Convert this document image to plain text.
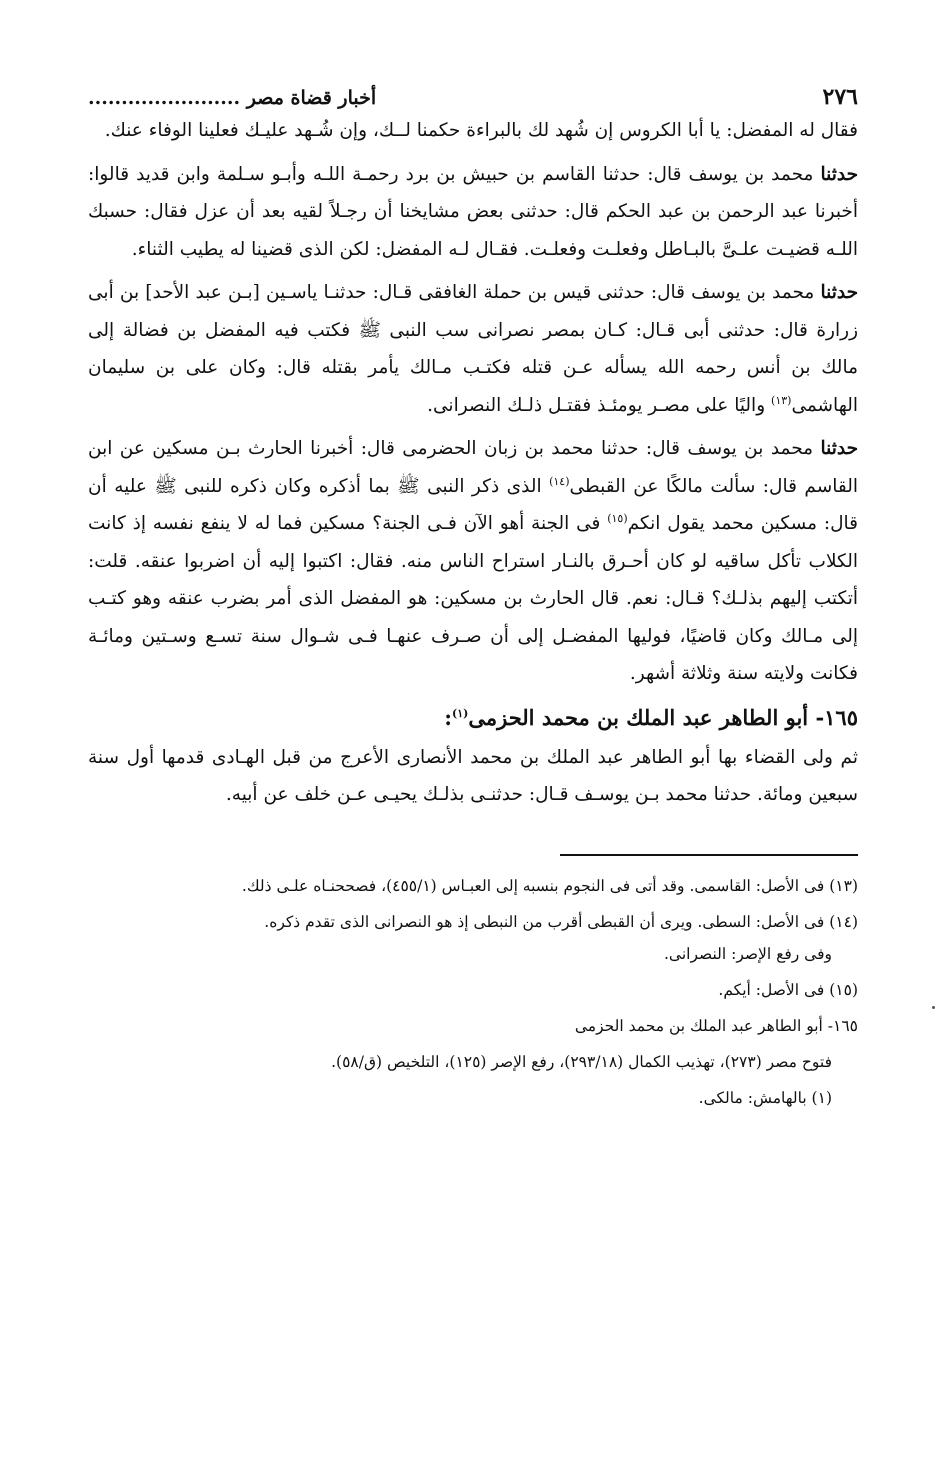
٢٧٦
أخبار قضاة مصر .......................

فقال له المفضل: يا أبا الكروس إن شُهد لك بالبراءة حكمنا لــك، وإن شُـهد عليـك فعلينا الوفاء عنك.

حدثنا محمد بن يوسف قال: حدثنا القاسم بن حبيش بن برد رحمـة اللـه وأبـو سـلمة وابن قديد قالوا: أخبرنا عبد الرحمن بن عبد الحكم قال: حدثنى بعض مشايخنا أن رجـلاً لقيه بعد أن عزل فقال: حسبك اللـه قضيـت علـىَّ بالبـاطل وفعلـت وفعلـت. فقـال لـه المفضل: لكن الذى قضينا له يطيب الثناء.

حدثنا محمد بن يوسف قال: حدثنى قيس بن حملة الغافقى قـال: حدثنـا ياسـين [بـن عبد الأحد] بن أبى زرارة قال: حدثنى أبى قـال: كـان بمصر نصرانى سب النبى ﷺ فكتب فيه المفضل بن فضالة إلى مالك بن أنس رحمه الله يسأله عـن قتله فكتـب مـالك يأمر بقتله قال: وكان على بن سليمان الهاشمى$^{(١٣)}$ واليًا على مصـر يومئـذ فقتـل ذلـك النصرانى.

حدثنا محمد بن يوسف قال: حدثنا محمد بن زبان الحضرمى قال: أخبرنا الحارث بـن مسكين عن ابن القاسم قال: سألت مالكًا عن القبطى$^{(١٤)}$ الذى ذكر النبى ﷺ بما أذكره وكان ذكره للنبى ﷺ عليه أن قال: مسكين محمد يقول انكم$^{(١٥)}$ فى الجنة أهو الآن فـى الجنة؟ مسكين فما له لا ينفع نفسه إذ كانت الكلاب تأكل ساقيه لو كان أحـرق بالنـار استراح الناس منه. فقال: اكتبوا إليه أن اضربوا عنقه. قلت: أتكتب إليهم بذلـك؟ قـال: نعم. قال الحارث بن مسكين: هو المفضل الذى أمر بضرب عنقه وهو كتـب إلى مـالك وكان قاضيًا، فوليها المفضـل إلى أن صـرف عنهـا فـى شـوال سنة تسـع وسـتين ومائـة فكانت ولايته سنة وثلاثة أشهر.

١٦٥- أبو الطاهر عبد الملك بن محمد الحزمى$^{(١)}$:

ثم ولى القضاء بها أبو الطاهر عبد الملك بن محمد الأنصارى الأعرج من قبل الهـادى قدمها أول سنة سبعين ومائة. حدثنا محمد بـن يوسـف قـال: حدثنـى بذلـك يحيـى عـن خلف عن أبيه.

(١٣) فى الأصل: القاسمى. وقد أتى فى النجوم بنسبه إلى العبـاس (٤٥٥/١)، فصححنـاه علـى ذلك.

(١٤) فى الأصل: السطى. ويرى أن القبطى أقرب من النبطى إذ هو النصرانى الذى تقدم ذكره.

وفى رفع الإصر: النصرانى.

(١٥) فى الأصل: أيكم.

١٦٥- أبو الطاهر عبد الملك بن محمد الحزمى

فتوح مصر (٢٧٣)، تهذيب الكمال (٢٩٣/١٨)، رفع الإصر (١٢٥)، التلخيص (ق/٥٨).

(١) بالهامش: مالكى.
